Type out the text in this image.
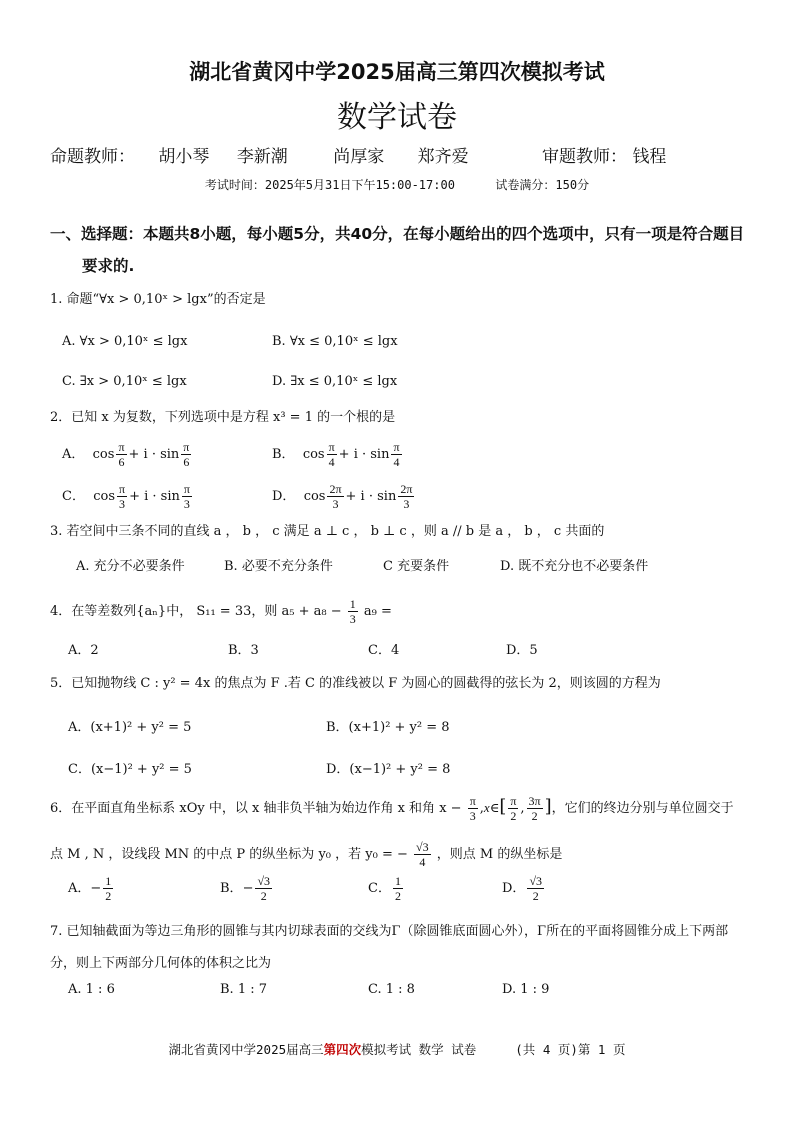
湖北省黄冈中学2025届高三第四次模拟考试
数学试卷
命题教师： 胡小琴 李新潮	尚厚家 郑齐爱	审题教师： 钱程
考试时间：2025年5月31日下午15:00-17:00	试卷满分：150分
一、选择题：本题共8小题，每小题5分，共40分，在每小题给出的四个选项中，只有一项是符合题目要求的.
1. 命题“∀x > 0,10ˣ > lgx”的否定是
A. ∀x > 0,10ˣ ≤ lgx	B. ∀x ≤ 0,10ˣ ≤ lgx
C. ∃x > 0,10ˣ ≤ lgx	D. ∃x ≤ 0,10ˣ ≤ lgx
2．已知 x 为复数，下列选项中是方程 x³ = 1 的一个根的是
A．  $\cos \frac{\pi}{6} + i \cdot \sin \frac{\pi}{6}$	B．  $\cos \frac{\pi}{4} + i \cdot \sin \frac{\pi}{4}$
C．  $\cos \frac{\pi}{3} + i \cdot \sin \frac{\pi}{3}$	D．  $\cos \frac{2\pi}{3} + i \cdot \sin \frac{2\pi}{3}$
3. 若空间中三条不同的直线 a ， b ， c 满足 a ⊥ c ， b ⊥ c ，则 a // b 是 a ， b ， c 共面的
A. 充分不必要条件	B. 必要不充分条件	C 充要条件	D. 既不充分也不必要条件
4．在等差数列{aₙ}中， S₁₁ = 33，则 $a_5 + a_8 - \frac{1}{3} a_9$ =
A．2	B．3	C．4	D．5
5．已知抛物线 C : y² = 4x 的焦点为 F .若 C 的准线被以 F 为圆心的圆截得的弦长为 2，则该圆的方程为
A．(x+1)² + y² = 5	B．(x+1)² + y² = 8
C．(x−1)² + y² = 5	D．(x−1)² + y² = 8
6．在平面直角坐标系 xOy 中，以 x 轴非负半轴为始边作角 x 和角 $x - \frac{\pi}{3}$ ,x∈[ $\frac{\pi}{2}$ , $\frac{3\pi}{2}$ ]，它们的终边分别与单位圆交于
点 M , N ，设线段 MN 的中点 P 的纵坐标为 y₀ ，若 y₀ = − $\frac{√3}{4}$ ，则点 M 的纵坐标是
A．− $\frac{1}{2}$	B．− $\frac{√3}{2}$	C． $\frac{1}{2}$	D． $\frac{√3}{2}$
7. 已知轴截面为等边三角形的圆锥与其内切球表面的交线为Γ（除圆锥底面圆心外），Γ所在的平面将圆锥分成上下两部分，则上下两部分几何体的体积之比为
A. 1 : 6	B. 1 : 7	C. 1 : 8	D. 1 : 9
湖北省黄冈中学2025届高三第四次模拟考试 数学 试卷	(共 4 页)第 1 页
